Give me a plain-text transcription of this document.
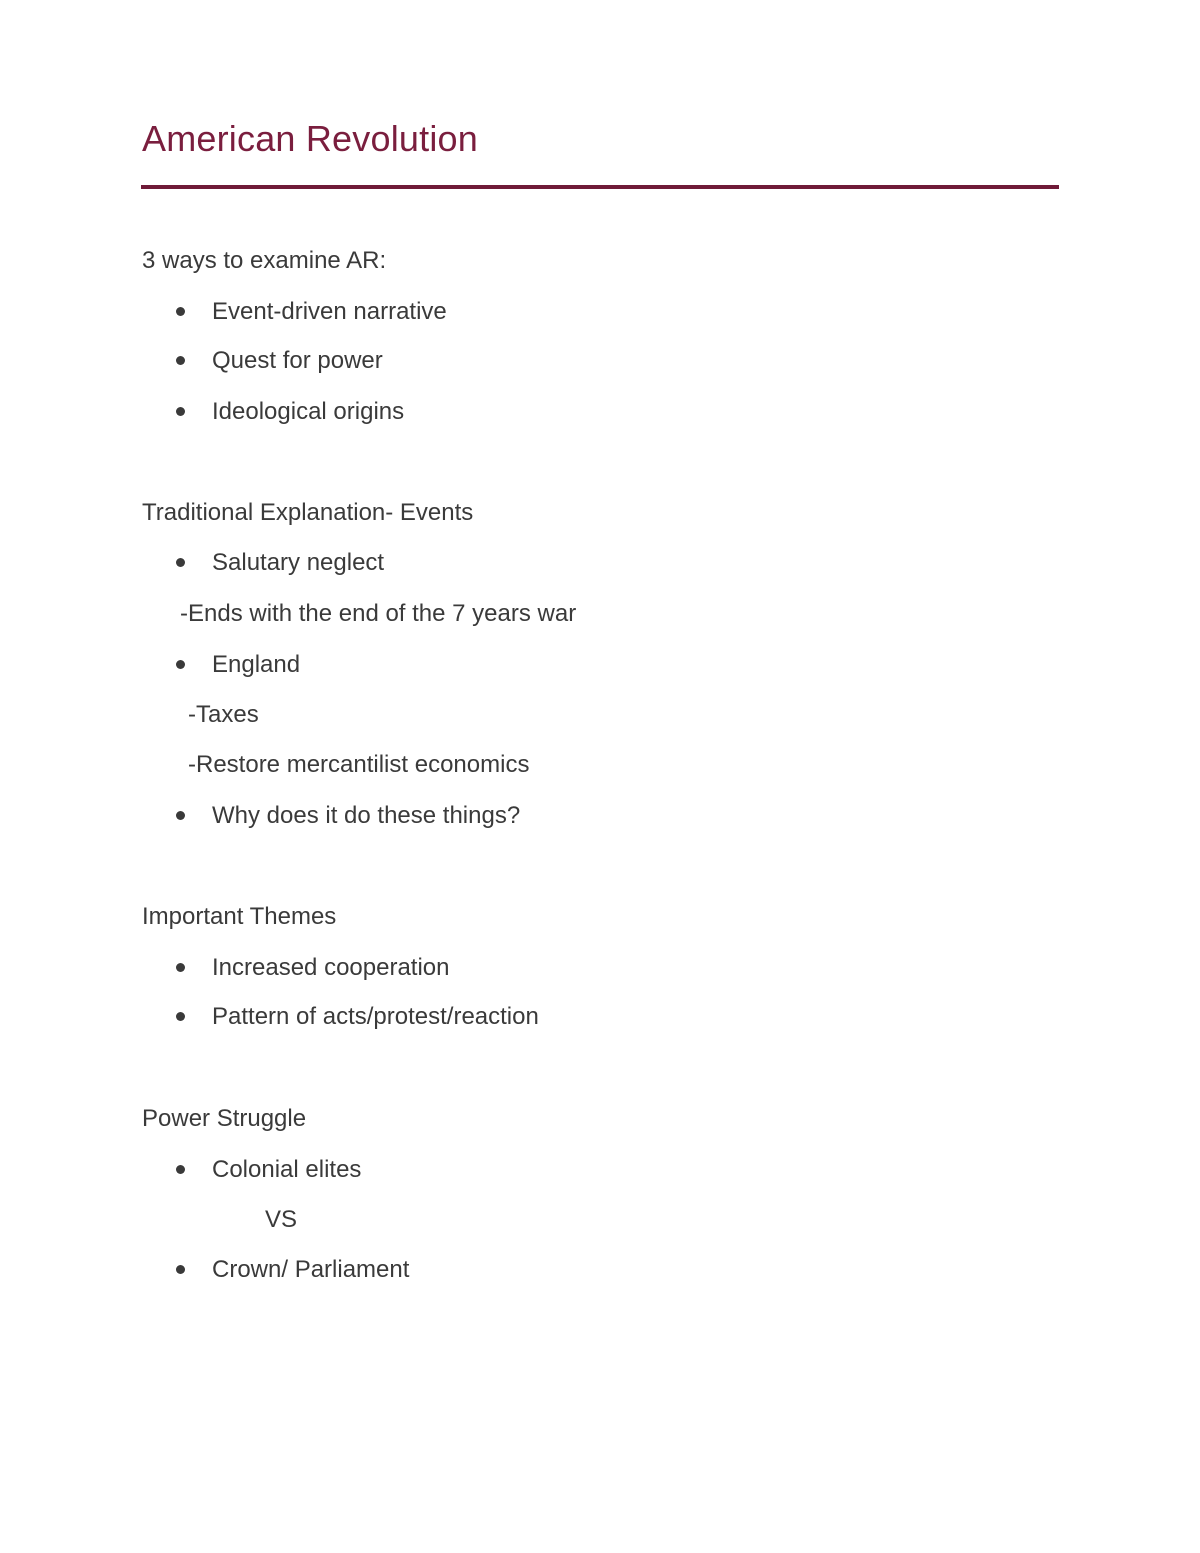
American Revolution
3 ways to examine AR:
Event-driven narrative
Quest for power
Ideological origins
Traditional Explanation- Events
Salutary neglect
-Ends with the end of the 7 years war
England
-Taxes
-Restore mercantilist economics
Why does it do these things?
Important Themes
Increased cooperation
Pattern of acts/protest/reaction
Power Struggle
Colonial elites
VS
Crown/ Parliament
